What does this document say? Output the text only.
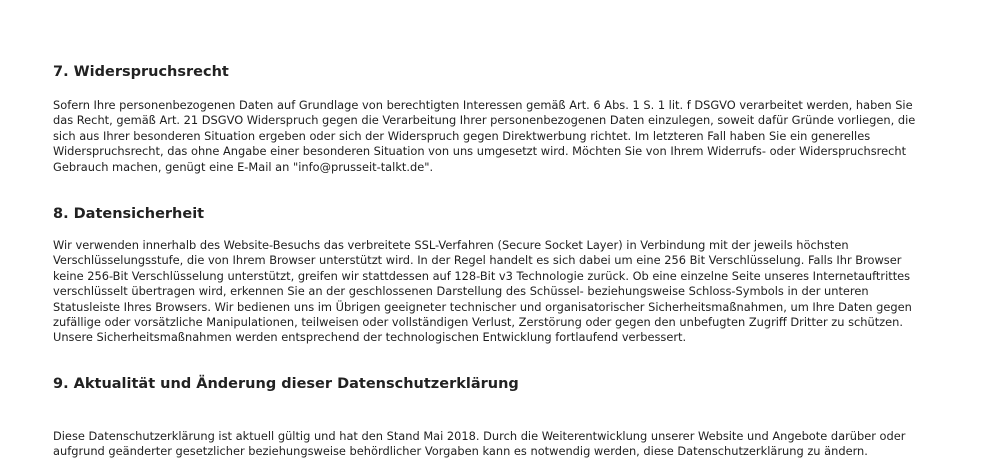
7. Widerspruchsrecht

Sofern Ihre personenbezogenen Daten auf Grundlage von berechtigten Interessen gemäß Art. 6 Abs. 1 S. 1 lit. f DSGVO verarbeitet werden, haben Sie
das Recht, gemäß Art. 21 DSGVO Widerspruch gegen die Verarbeitung Ihrer personenbezogenen Daten einzulegen, soweit dafür Gründe vorliegen, die
sich aus Ihrer besonderen Situation ergeben oder sich der Widerspruch gegen Direktwerbung richtet. Im letzteren Fall haben Sie ein generelles
Widerspruchsrecht, das ohne Angabe einer besonderen Situation von uns umgesetzt wird. Möchten Sie von Ihrem Widerrufs- oder Widerspruchsrecht
Gebrauch machen, genügt eine E-Mail an "info@prusseit-talkt.de".

8. Datensicherheit

Wir verwenden innerhalb des Website-Besuchs das verbreitete SSL-Verfahren (Secure Socket Layer) in Verbindung mit der jeweils höchsten
Verschlüsselungsstufe, die von Ihrem Browser unterstützt wird. In der Regel handelt es sich dabei um eine 256 Bit Verschlüsselung. Falls Ihr Browser
keine 256-Bit Verschlüsselung unterstützt, greifen wir stattdessen auf 128-Bit v3 Technologie zurück. Ob eine einzelne Seite unseres Internetauftrittes
verschlüsselt übertragen wird, erkennen Sie an der geschlossenen Darstellung des Schüssel- beziehungsweise Schloss-Symbols in der unteren
Statusleiste Ihres Browsers. Wir bedienen uns im Übrigen geeigneter technischer und organisatorischer Sicherheitsmaßnahmen, um Ihre Daten gegen
zufällige oder vorsätzliche Manipulationen, teilweisen oder vollständigen Verlust, Zerstörung oder gegen den unbefugten Zugriff Dritter zu schützen.
Unsere Sicherheitsmaßnahmen werden entsprechend der technologischen Entwicklung fortlaufend verbessert.

9. Aktualität und Änderung dieser Datenschutzerklärung

Diese Datenschutzerklärung ist aktuell gültig und hat den Stand Mai 2018. Durch die Weiterentwicklung unserer Website und Angebote darüber oder
aufgrund geänderter gesetzlicher beziehungsweise behördlicher Vorgaben kann es notwendig werden, diese Datenschutzerklärung zu ändern.
